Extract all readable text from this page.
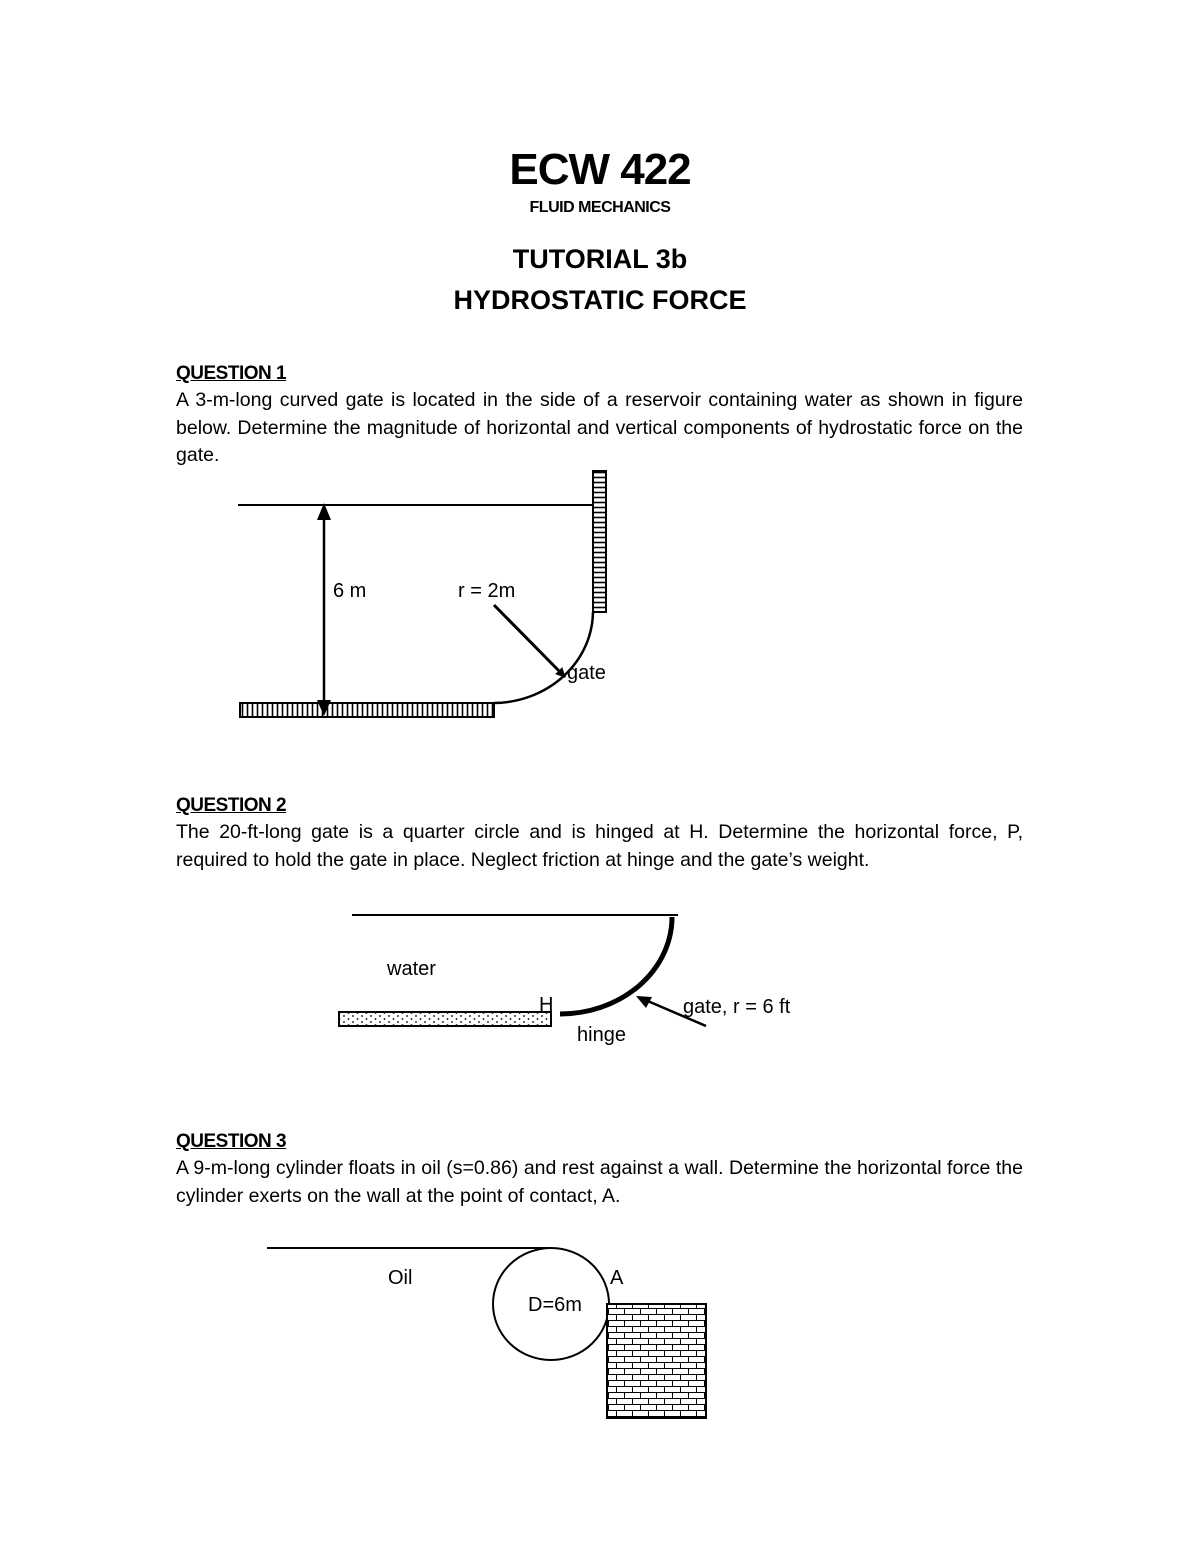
ECW 422
FLUID MECHANICS
TUTORIAL 3b
HYDROSTATIC FORCE
QUESTION 1
A 3-m-long curved gate is located in the side of a reservoir containing water as shown in figure below. Determine the magnitude of horizontal and vertical components of hydrostatic force on the gate.
6 m	r = 2m
gate
QUESTION 2
The 20-ft-long gate is a quarter circle and is hinged at H. Determine the horizontal force, P, required to hold the gate in place. Neglect friction at hinge and the gate’s weight.
water
H
hinge
gate, r = 6 ft
QUESTION 3
A 9-m-long cylinder floats in oil (s=0.86) and rest against a wall. Determine the horizontal force the cylinder exerts on the wall at the point of contact, A.
Oil
D=6m
A
